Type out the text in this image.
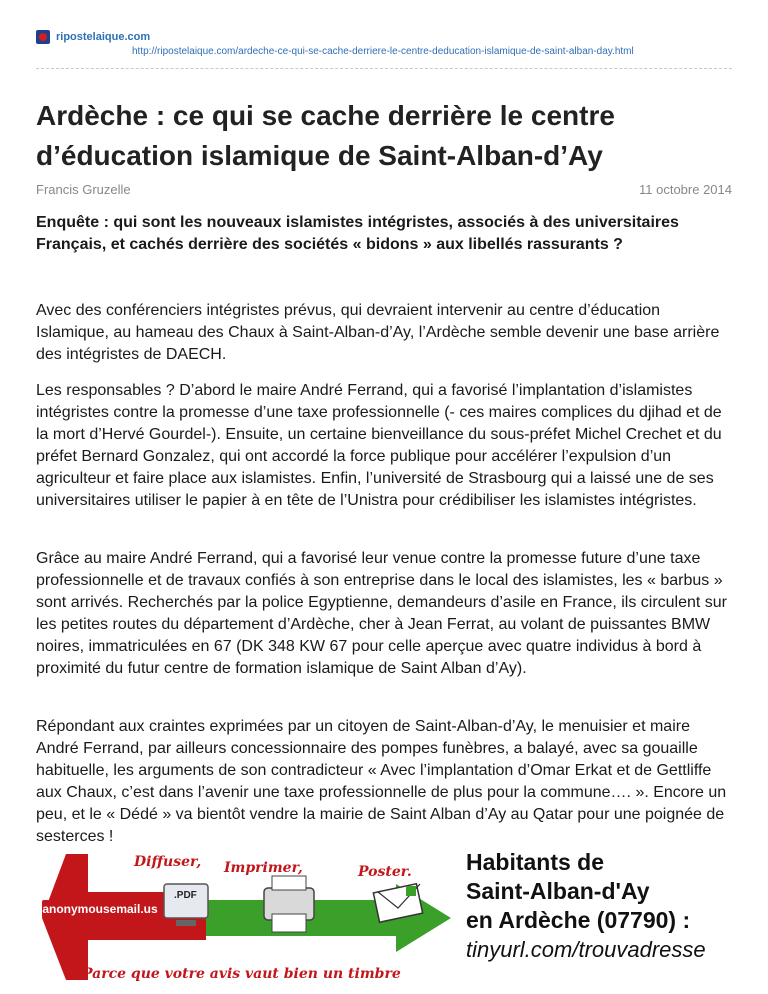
ripostelaique.com
http://ripostelaique.com/ardeche-ce-qui-se-cache-derriere-le-centre-deducation-islamique-de-saint-alban-day.html
Ardèche : ce qui se cache derrière le centre d’éducation islamique de Saint-Alban-d’Ay
Francis Gruzelle	11 octobre 2014

Enquête : qui sont les nouveaux islamistes intégristes, associés à des universitaires Français, et cachés derrière des sociétés « bidons » aux libellés rassurants ?

Avec des conférenciers intégristes prévus, qui devraient intervenir au centre d’éducation Islamique, au hameau des Chaux à Saint-Alban-d’Ay, l’Ardèche semble devenir une base arrière des intégristes de DAECH.

Les responsables ? D’abord le maire André Ferrand, qui a favorisé l’implantation d’islamistes intégristes contre la promesse d’une taxe professionnelle (- ces maires complices du djihad et de la mort d’Hervé Gourdel-). Ensuite, un certaine bienveillance du sous-préfet Michel Crechet et du préfet Bernard Gonzalez, qui ont accordé la force publique pour accélérer l’expulsion d’un agriculteur et faire place aux islamistes. Enfin, l’université de Strasbourg qui a laissé une de ses universitaires utiliser le papier à en tête de l’Unistra pour crédibiliser les islamistes intégristes.

Grâce au maire André Ferrand, qui a favorisé leur venue contre la promesse future d’une taxe professionnelle et de travaux confiés à son entreprise dans le local des islamistes, les « barbus » sont arrivés. Recherchés par la police Egyptienne, demandeurs d’asile en France, ils circulent sur les petites routes du département d’Ardèche, cher à Jean Ferrat, au volant de puissantes BMW noires, immatriculées en 67 (DK 348 KW 67 pour celle aperçue avec quatre individus à bord à proximité du futur centre de formation islamique de Saint Alban d’Ay).

Répondant aux craintes exprimées par un citoyen de Saint-Alban-d’Ay, le menuisier et maire André Ferrand, par ailleurs concessionnaire des pompes funèbres, a balayé, avec sa gouaille habituelle, les arguments de son contradicteur « Avec l’implantation d’Omar Erkat et de Gettliffe aux Chaux, c’est dans l’avenir une taxe professionnelle de plus pour la commune…. ». Encore un peu, et le « Dédé » va bientôt vendre la mairie de Saint Alban d’Ay au Qatar pour une poignée de sesterces !

Diffuser, Imprimer,	Poster.
anonymousemail.us
.PDF
Parce que votre avis vaut bien un timbre
Habitants de
Saint-Alban-d'Ay
en Ardèche (07790) :
tinyurl.com/trouvadresse
